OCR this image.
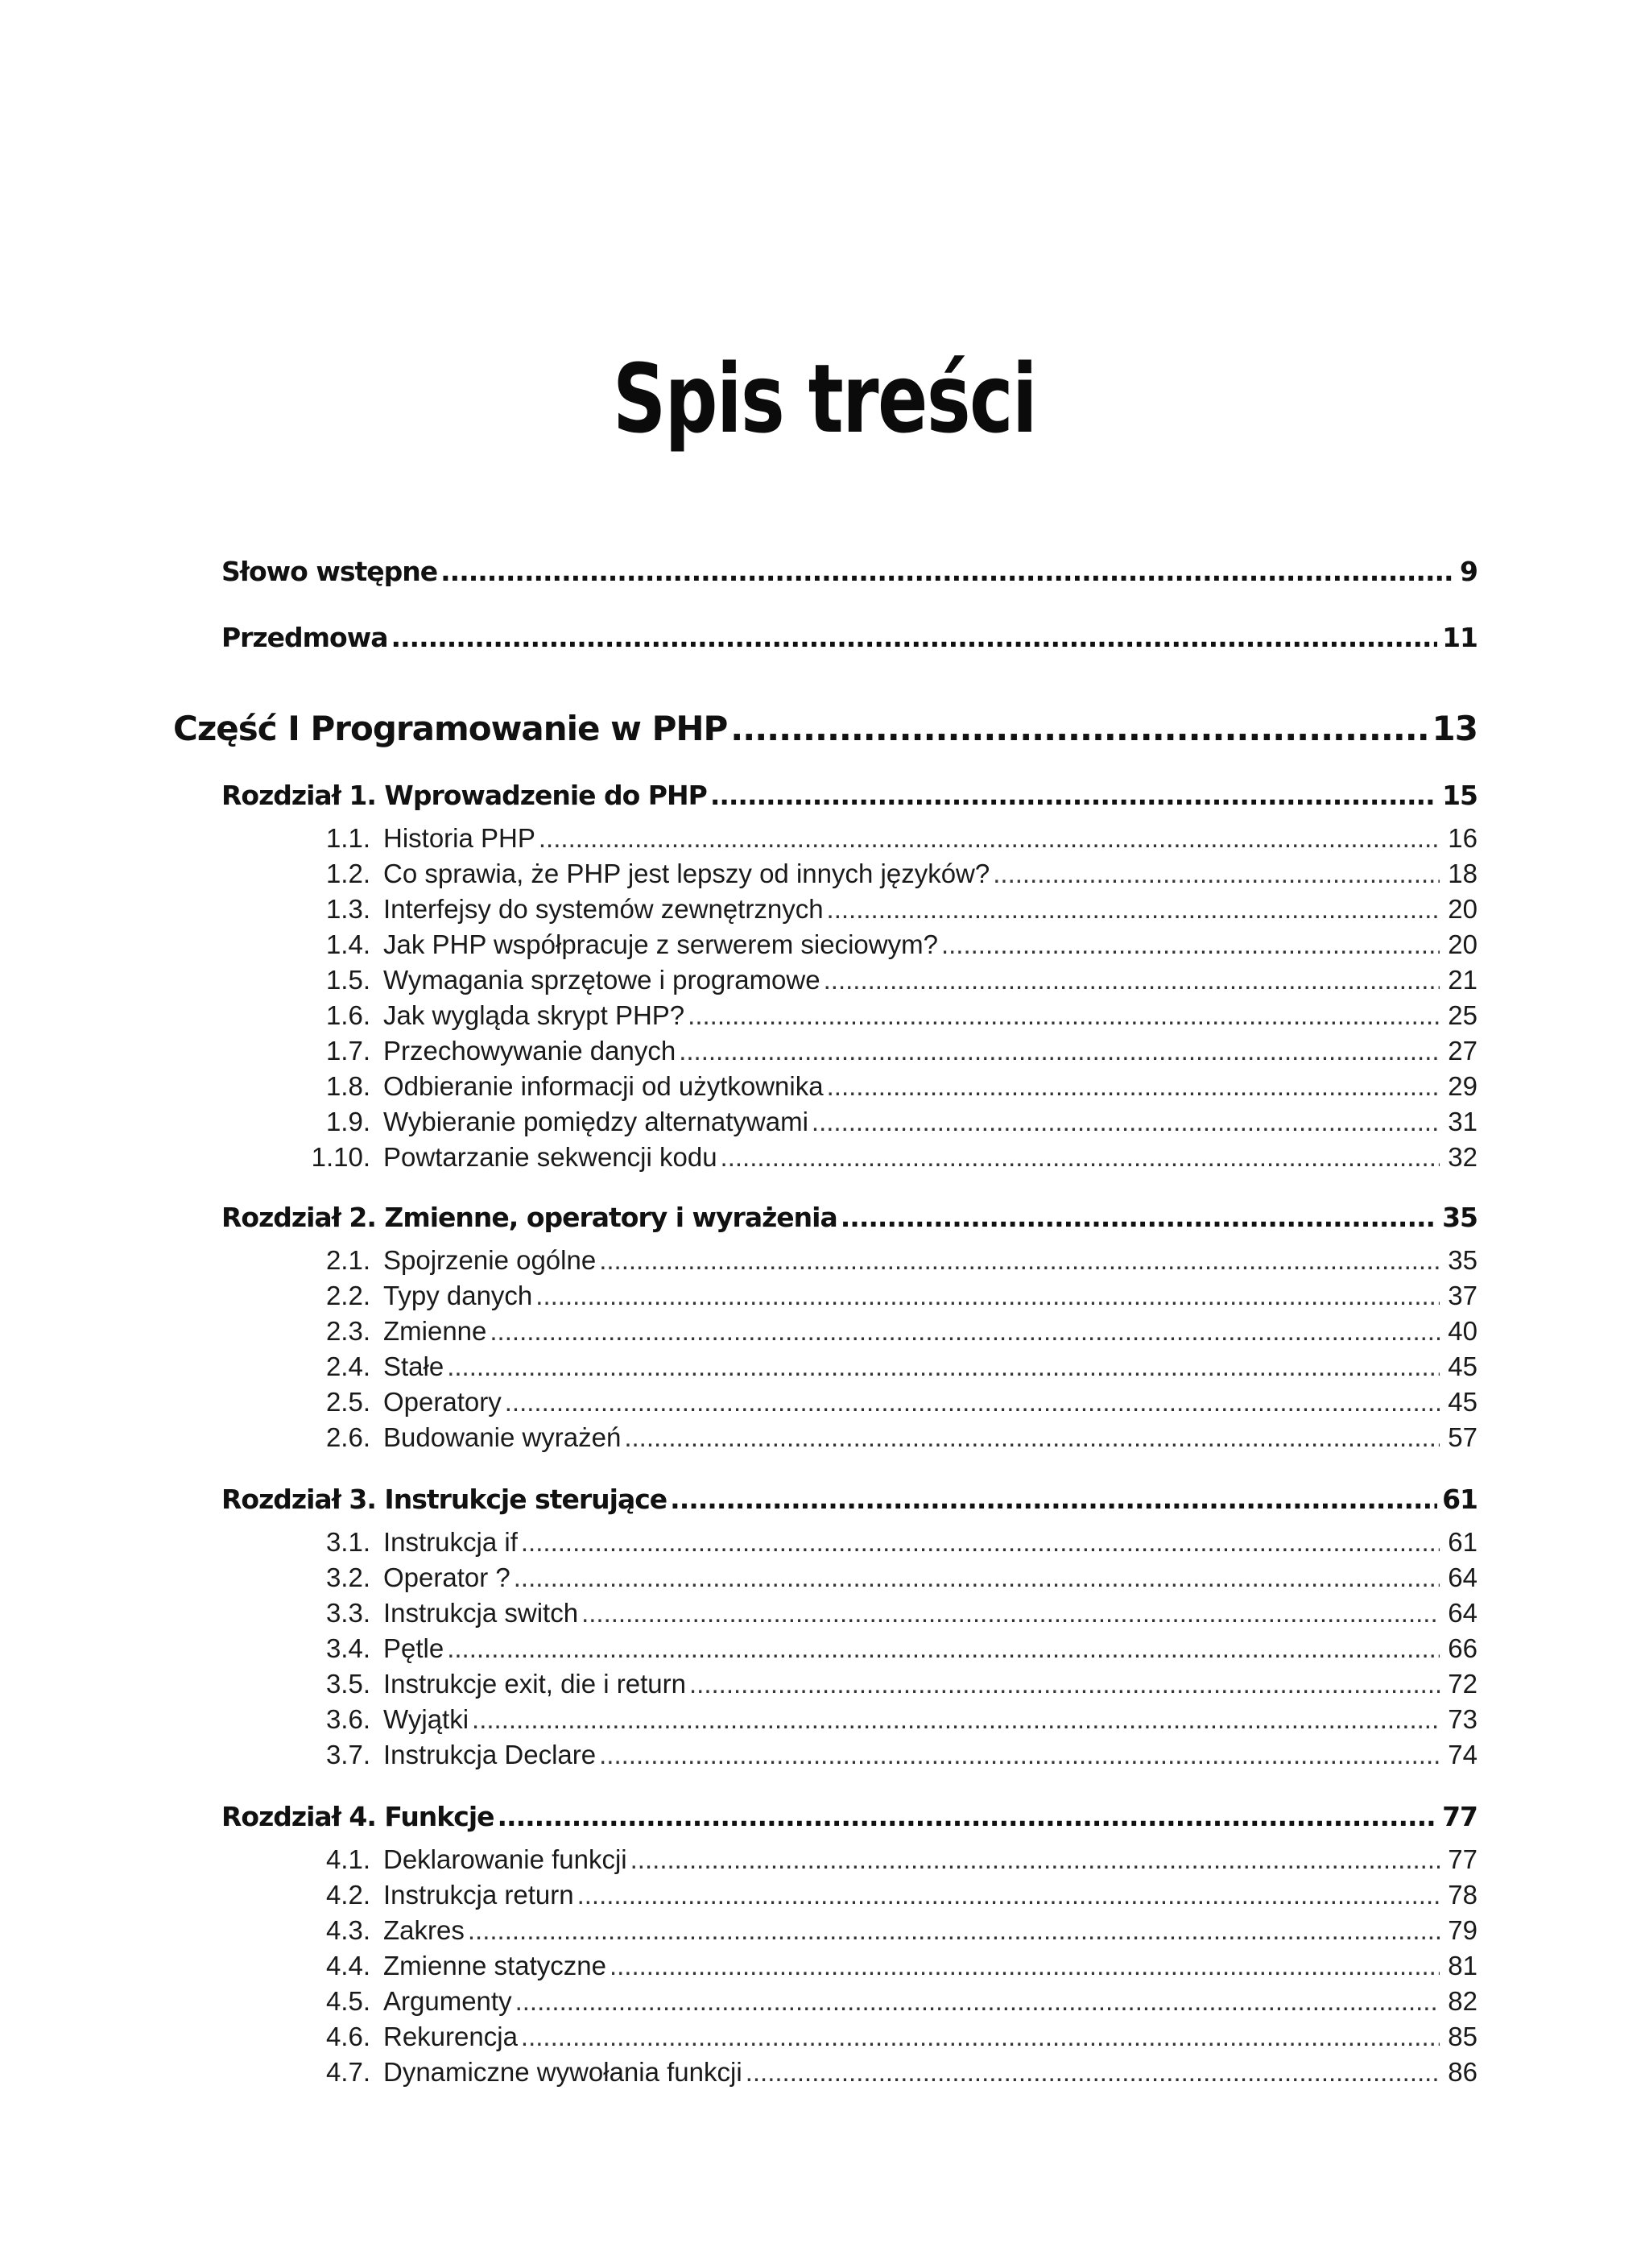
Spis treści
Słowo wstępne .....	9
Przedmowa .....	11
Część I Programowanie w PHP .....	13
Rozdział 1. Wprowadzenie do PHP .....	15
1.1. Historia PHP .....	16
1.2. Co sprawia, że PHP jest lepszy od innych języków? .....	18
1.3. Interfejsy do systemów zewnętrznych .....	20
1.4. Jak PHP współpracuje z serwerem sieciowym? .....	20
1.5. Wymagania sprzętowe i programowe .....	21
1.6. Jak wygląda skrypt PHP? .....	25
1.7. Przechowywanie danych .....	27
1.8. Odbieranie informacji od użytkownika .....	29
1.9. Wybieranie pomiędzy alternatywami .....	31
1.10. Powtarzanie sekwencji kodu .....	32
Rozdział 2. Zmienne, operatory i wyrażenia .....	35
2.1. Spojrzenie ogólne .....	35
2.2. Typy danych .....	37
2.3. Zmienne .....	40
2.4. Stałe .....	45
2.5. Operatory .....	45
2.6. Budowanie wyrażeń .....	57
Rozdział 3. Instrukcje sterujące .....	61
3.1. Instrukcja if .....	61
3.2. Operator ? .....	64
3.3. Instrukcja switch .....	64
3.4. Pętle .....	66
3.5. Instrukcje exit, die i return .....	72
3.6. Wyjątki .....	73
3.7. Instrukcja Declare .....	74
Rozdział 4. Funkcje .....	77
4.1. Deklarowanie funkcji .....	77
4.2. Instrukcja return .....	78
4.3. Zakres .....	79
4.4. Zmienne statyczne .....	81
4.5. Argumenty .....	82
4.6. Rekurencja .....	85
4.7. Dynamiczne wywołania funkcji .....	86
